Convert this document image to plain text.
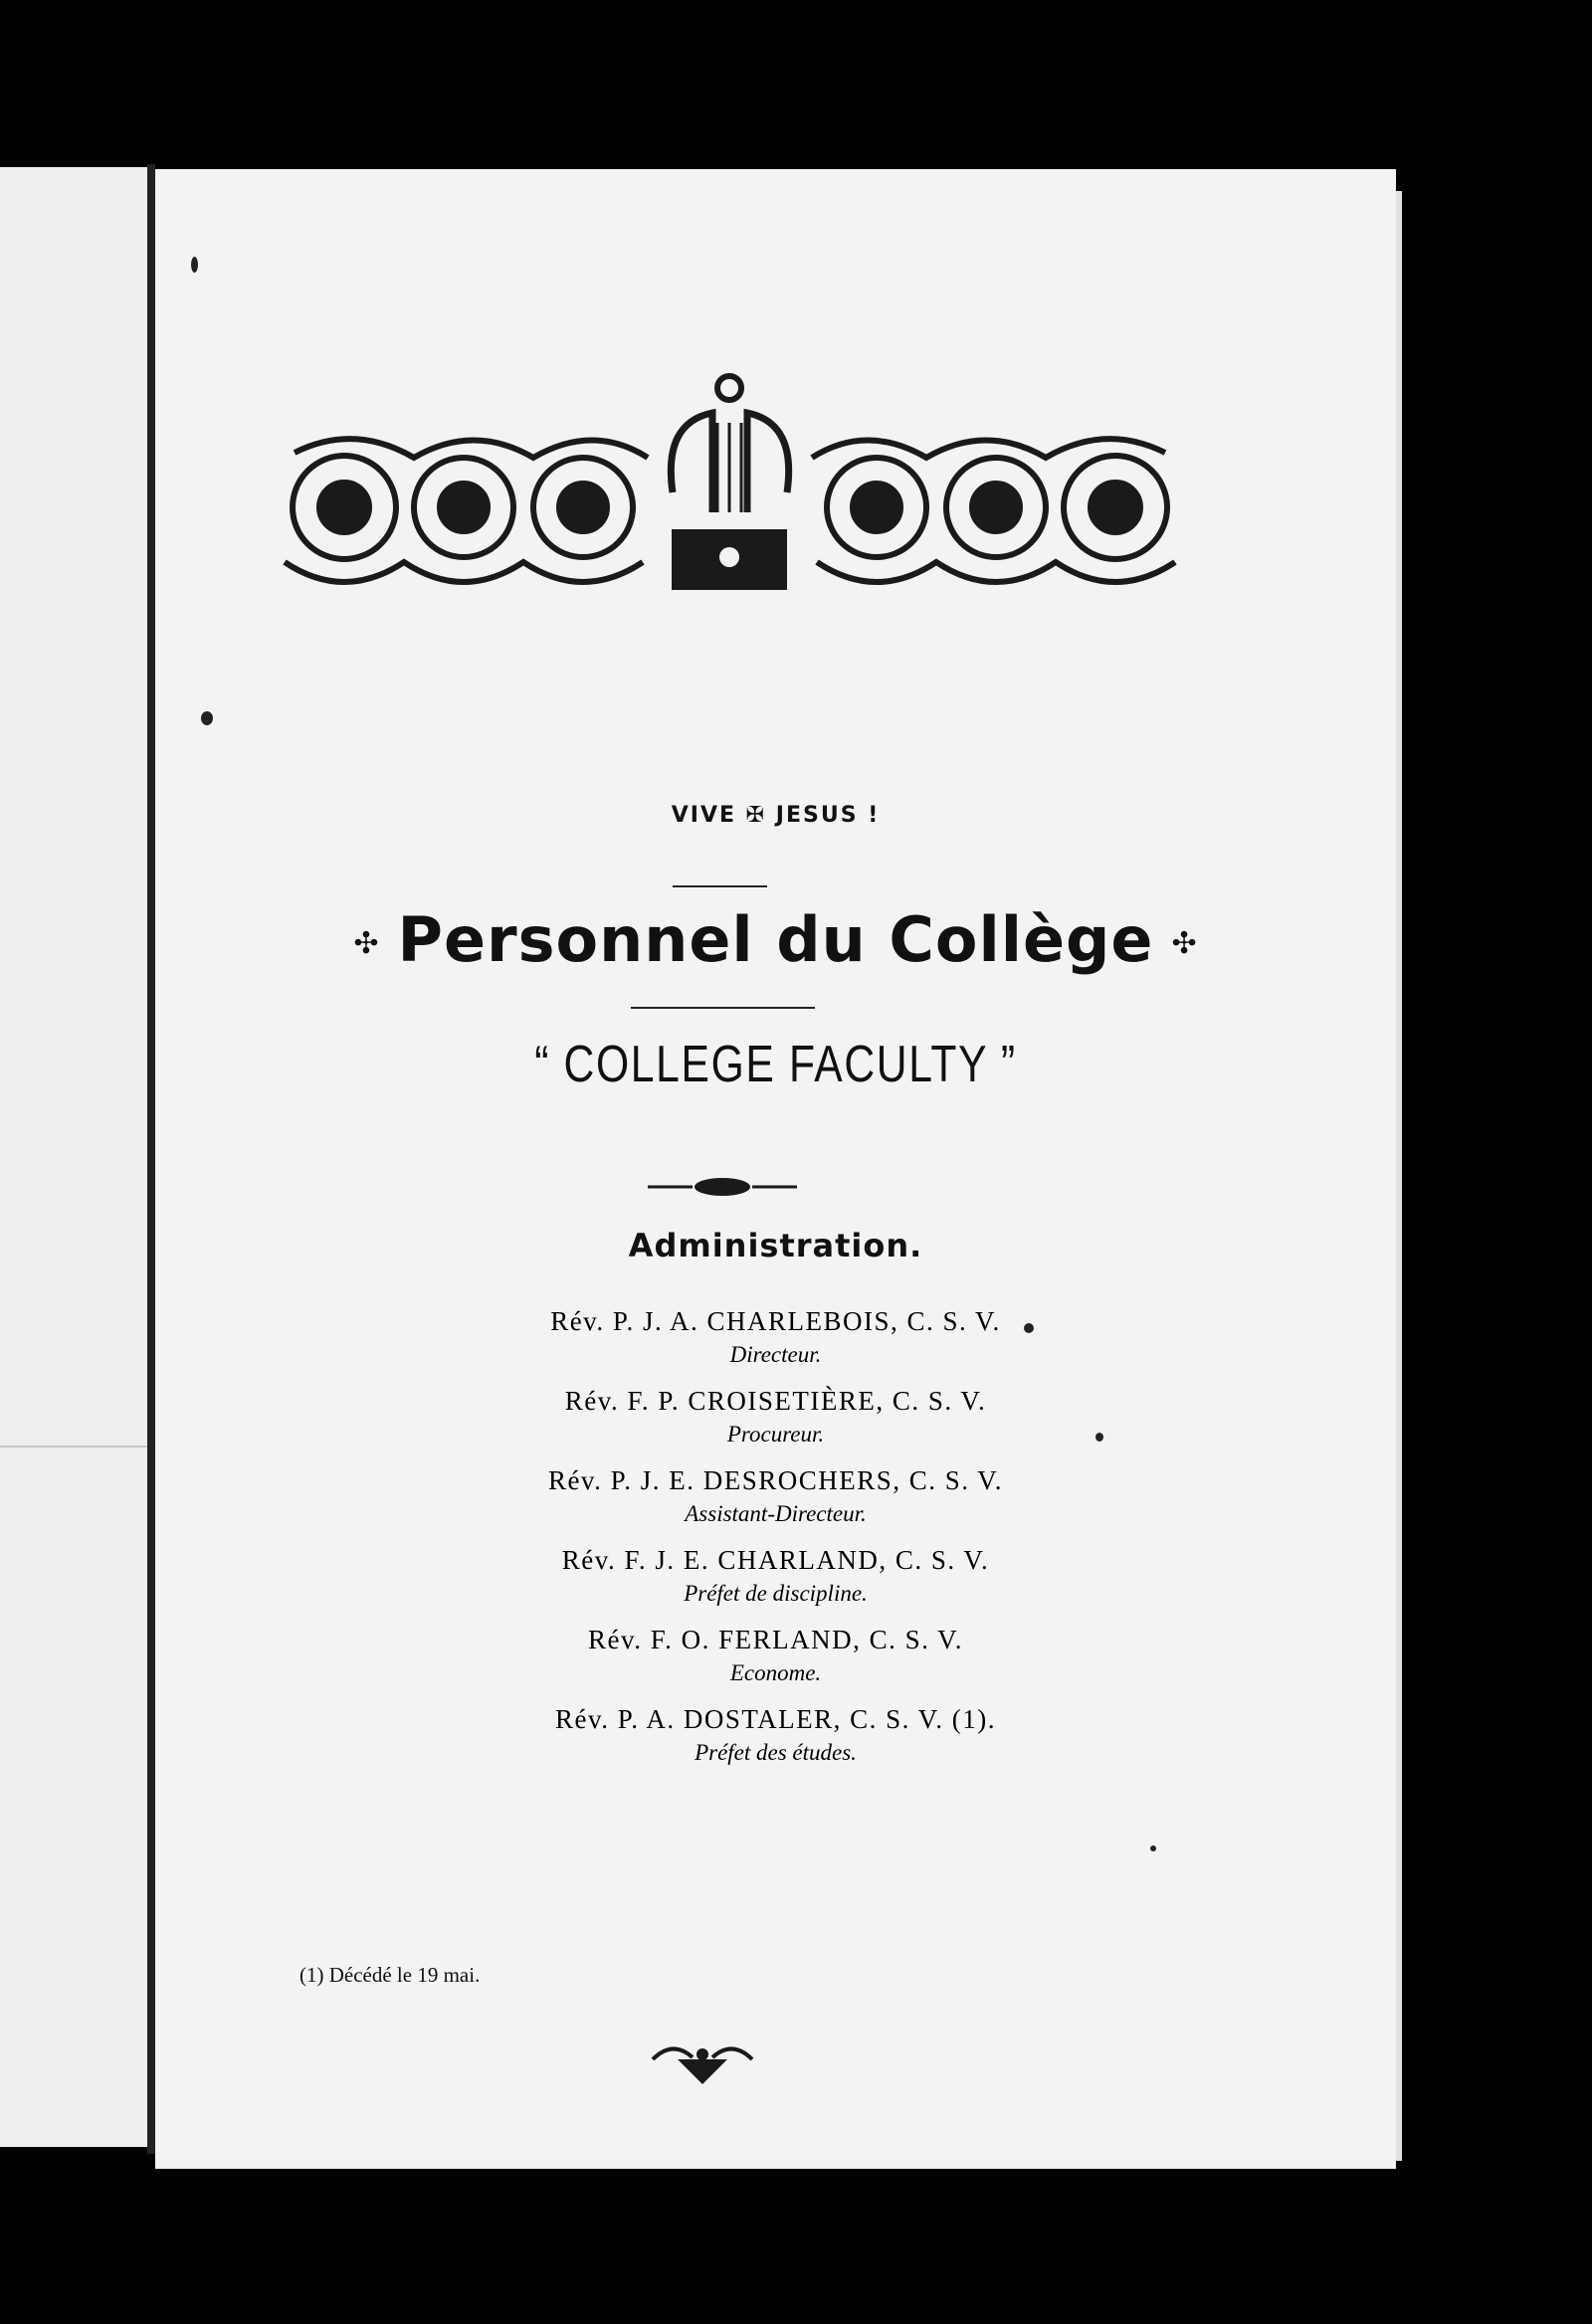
VIVE ✠ JESUS !
✣ Personnel du Collège ✣
“ COLLEGE FACULTY ”
Administration.
Rév. P. J. A. CHARLEBOIS, C. S. V.
Directeur.
Rév. F. P. CROISETIÈRE, C. S. V.
Procureur.
Rév. P. J. E. DESROCHERS, C. S. V.
Assistant-Directeur.
Rév. F. J. E. CHARLAND, C. S. V.
Préfet de discipline.
Rév. F. O. FERLAND, C. S. V.
Econome.
Rév. P. A. DOSTALER, C. S. V. (1).
Préfet des études.
(1) Décédé le 19 mai.
